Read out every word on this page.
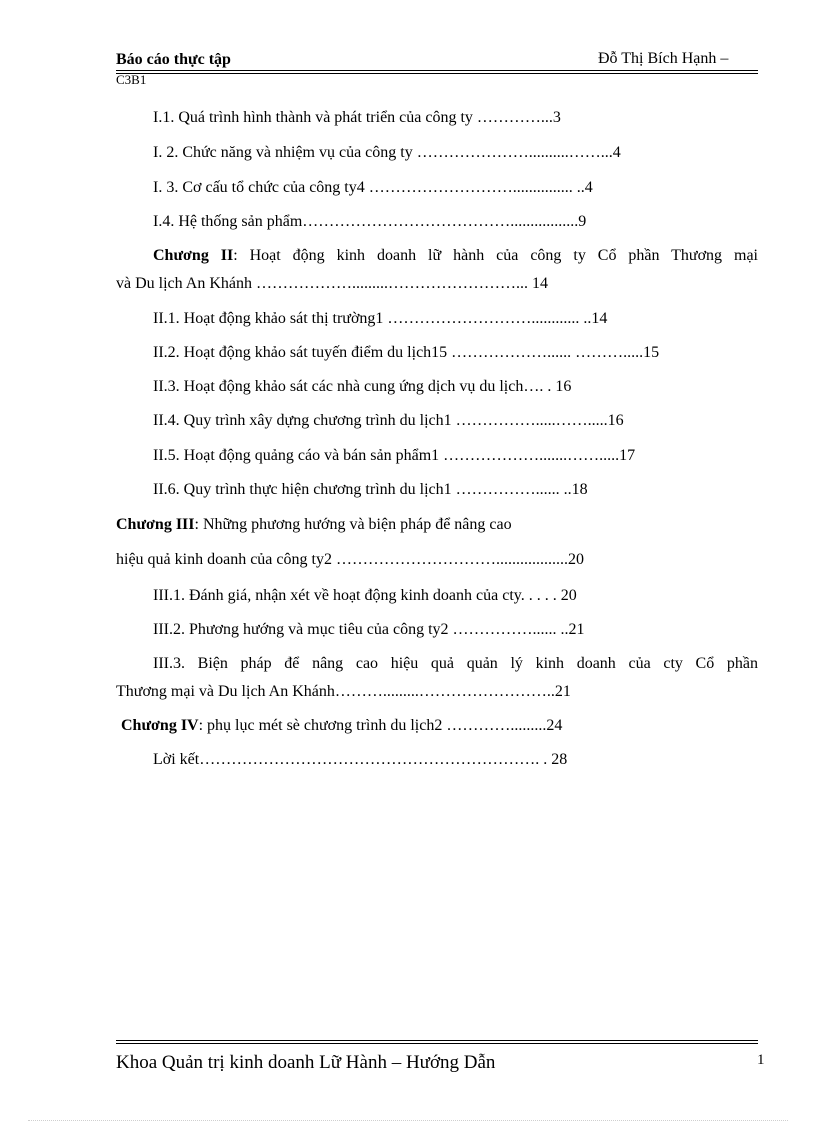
Báo cáo thực tập	Đỗ Thị Bích Hạnh –
C3B1
I.1. Quá trình hình thành và phát triển của công ty …………...3
I. 2. Chức năng và nhiệm vụ của công ty …………………..........……...4
I. 3. Cơ cấu tổ chức của công ty4 ………………………............... ..4
I.4. Hệ thống sản phẩm………………………………….................9
Chương II: Hoạt động kinh doanh lữ hành của công ty Cổ phần Thương mại
và Du lịch An Khánh ……………….........……………………... 14
II.1. Hoạt động khảo sát thị trường1 ………………………............ ..14
II.2. Hoạt động khảo sát tuyến điểm du lịch15 ………………...... ……….....15
II.3. Hoạt động khảo sát các nhà cung ứng dịch vụ du lịch…. . 16
II.4. Quy trình xây dựng chương trình du lịch1 …………….....…….....16
II.5. Hoạt động quảng cáo và bán sản phẩm1 ……………….......…….....17
II.6. Quy trình thực hiện chương trình du lịch1 ……………...... ..18
Chương III: Những phương hướng và biện pháp để nâng cao
hiệu quả kinh doanh của công ty2 …………………………..................20
III.1. Đánh giá, nhận xét về hoạt động kinh doanh của cty. . . . . 20
III.2. Phương hướng và mục tiêu của công ty2 ……………...... ..21
III.3. Biện pháp để nâng cao hiệu quả quản lý kinh doanh của cty Cổ phần
Thương mại và Du lịch An Khánh……….........……………………..21
Chương IV: phụ lục mét sè chương trình du lịch2 ………….........24
Lời kết………………………………………………………. . 28
Khoa Quản trị kinh doanh Lữ Hành – Hướng Dẫn	1
